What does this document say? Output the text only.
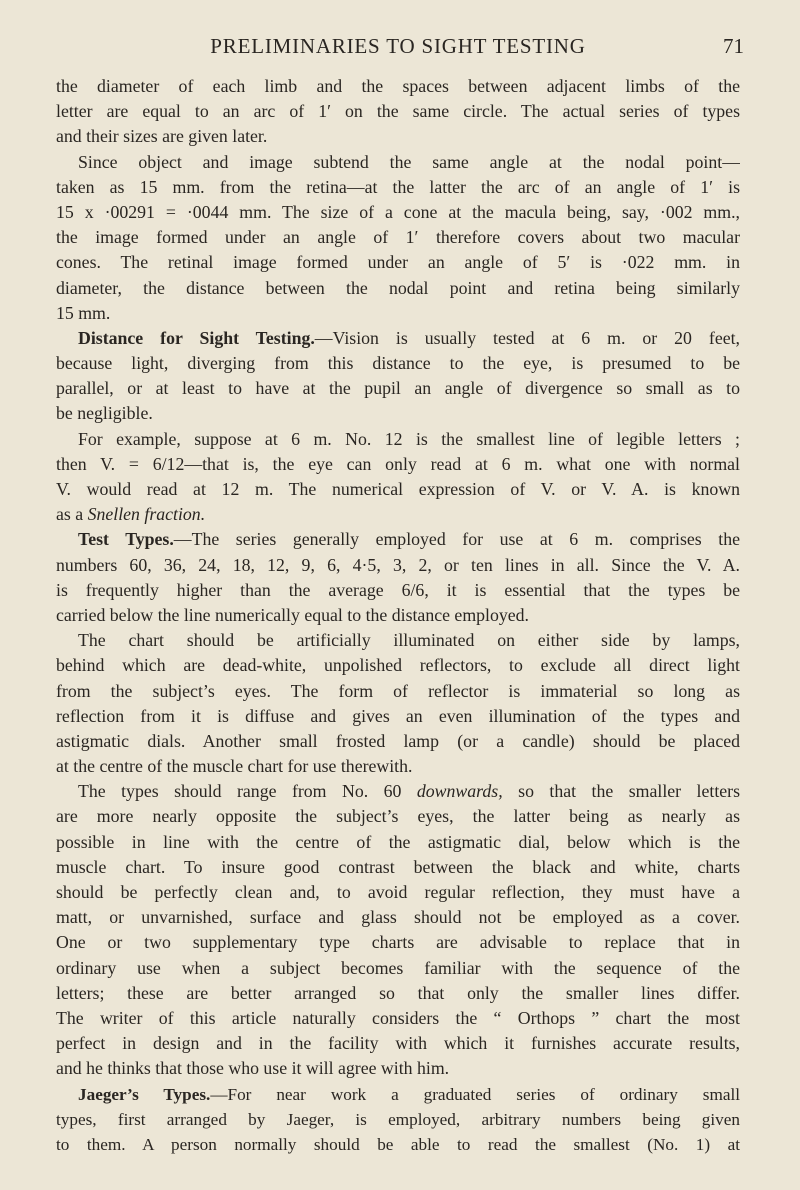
PRELIMINARIES TO SIGHT TESTING	71
the diameter of each limb and the spaces between adjacent limbs of the
letter are equal to an arc of 1′ on the same circle. The actual series of types
and their sizes are given later.
Since object and image subtend the same angle at the nodal point—
taken as 15 mm. from the retina—at the latter the arc of an angle of 1′ is
15 x ·00291 = ·0044 mm. The size of a cone at the macula being, say, ·002 mm.,
the image formed under an angle of 1′ therefore covers about two macular
cones. The retinal image formed under an angle of 5′ is ·022 mm. in
diameter, the distance between the nodal point and retina being similarly
15 mm.
Distance for Sight Testing.—Vision is usually tested at 6 m. or 20 feet,
because light, diverging from this distance to the eye, is presumed to be
parallel, or at least to have at the pupil an angle of divergence so small as to
be negligible.
For example, suppose at 6 m. No. 12 is the smallest line of legible letters ;
then V. = 6/12—that is, the eye can only read at 6 m. what one with normal
V. would read at 12 m. The numerical expression of V. or V. A. is known
as a Snellen fraction.
Test Types.—The series generally employed for use at 6 m. comprises the
numbers 60, 36, 24, 18, 12, 9, 6, 4·5, 3, 2, or ten lines in all. Since the V. A.
is frequently higher than the average 6/6, it is essential that the types be
carried below the line numerically equal to the distance employed.
The chart should be artificially illuminated on either side by lamps,
behind which are dead-white, unpolished reflectors, to exclude all direct light
from the subject’s eyes. The form of reflector is immaterial so long as
reflection from it is diffuse and gives an even illumination of the types and
astigmatic dials. Another small frosted lamp (or a candle) should be placed
at the centre of the muscle chart for use therewith.
The types should range from No. 60 downwards, so that the smaller letters
are more nearly opposite the subject’s eyes, the latter being as nearly as
possible in line with the centre of the astigmatic dial, below which is the
muscle chart. To insure good contrast between the black and white, charts
should be perfectly clean and, to avoid regular reflection, they must have a
matt, or unvarnished, surface and glass should not be employed as a cover.
One or two supplementary type charts are advisable to replace that in
ordinary use when a subject becomes familiar with the sequence of the
letters; these are better arranged so that only the smaller lines differ.
The writer of this article naturally considers the “ Orthops ” chart the most
perfect in design and in the facility with which it furnishes accurate results,
and he thinks that those who use it will agree with him.
Jaeger’s Types.—For near work a graduated series of ordinary small
types, first arranged by Jaeger, is employed, arbitrary numbers being given
to them. A person normally should be able to read the smallest (No. 1) at
